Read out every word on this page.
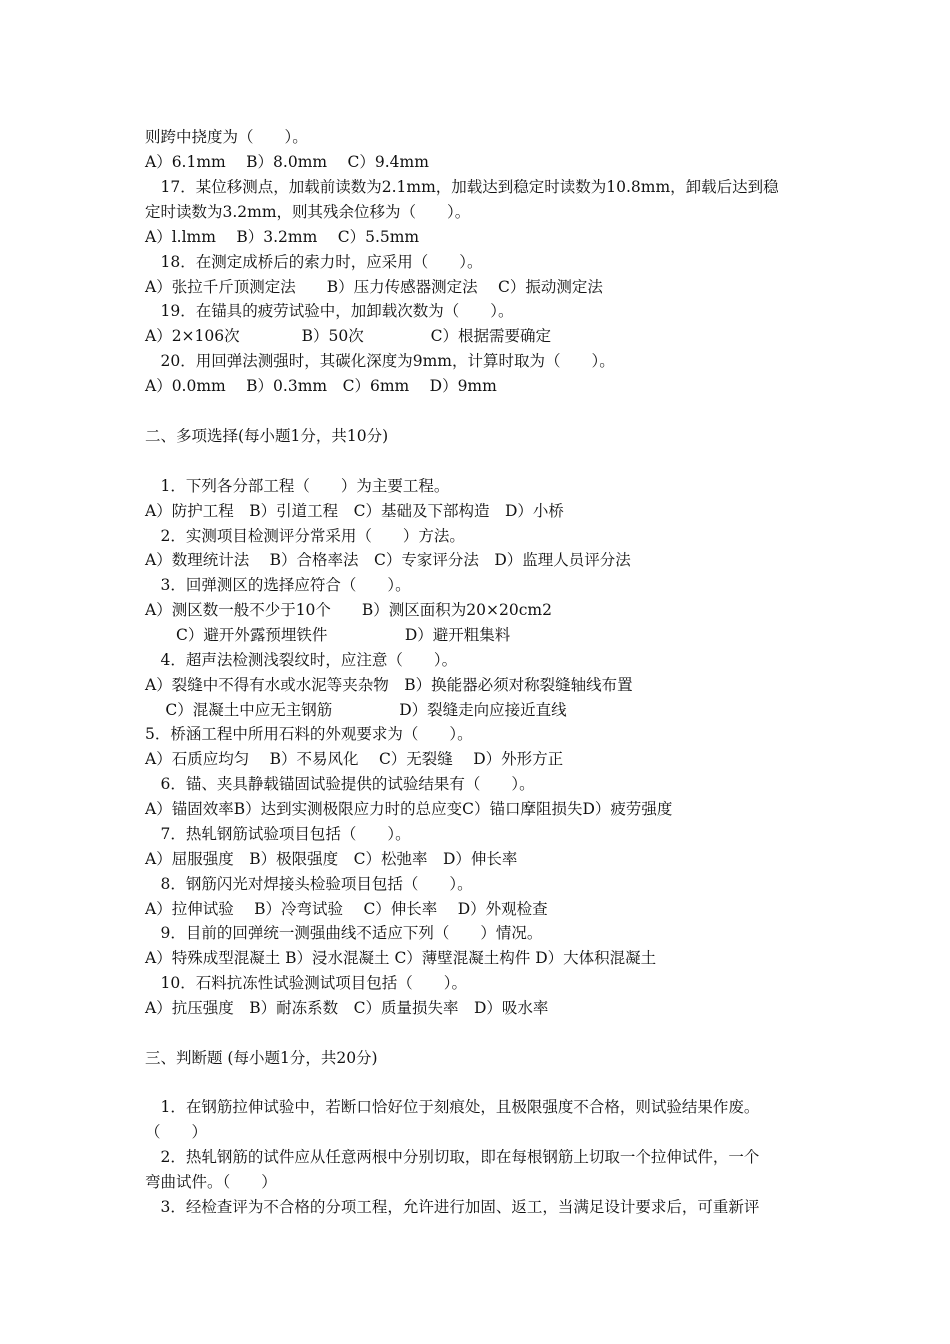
则跨中挠度为（　　）。
A）6.1mm　 B）8.0mm　 C）9.4mm
　17．某位移测点，加载前读数为2.1mm，加载达到稳定时读数为10.8mm，卸载后达到稳
定时读数为3.2mm，则其残余位移为（　　）。
A）l.lmm　 B）3.2mm　 C）5.5mm
　18．在测定成桥后的索力时，应采用（　　）。
A）张拉千斤顶测定法　　B）压力传感器测定法　 C）振动测定法
　19．在锚具的疲劳试验中，加卸载次数为（　　）。
A）2×106次　　　　B）50次　　　　 C）根据需要确定
　20．用回弹法测强时，其碳化深度为9mm，计算时取为（　　）。
A）0.0mm　 B）0.3mm　C）6mm　 D）9mm
二、多项选择(每小题1分，共10分)
　1．下列各分部工程（　　）为主要工程。
A）防护工程　B）引道工程　C）基础及下部构造　D）小桥
　2．实测项目检测评分常采用（　　）方法。
A）数理统计法　 B）合格率法　C）专家评分法　D）监理人员评分法
　3．回弹测区的选择应符合（　　）。
A）测区数一般不少于10个　　B）测区面积为20×20cm2
　　C）避开外露预埋铁件　　　　　D）避开粗集料
　4．超声法检测浅裂纹时，应注意（　　）。
A）裂缝中不得有水或水泥等夹杂物　B）换能器必须对称裂缝轴线布置
　 C）混凝土中应无主钢筋　　　　 D）裂缝走向应接近直线
5．桥涵工程中所用石料的外观要求为（　　）。
A）石质应均匀　 B）不易风化　 C）无裂缝　 D）外形方正
　6．锚、夹具静载锚固试验提供的试验结果有（　　）。
A）锚固效率B）达到实测极限应力时的总应变C）锚口摩阻损失D）疲劳强度
　7．热轧钢筋试验项目包括（　　）。
A）屈服强度　B）极限强度　C）松弛率　D）伸长率
　8．钢筋闪光对焊接头检验项目包括（　　）。
A）拉伸试验　 B）冷弯试验　 C）伸长率　 D）外观检查
　9．目前的回弹统一测强曲线不适应下列（　　）情况。
A）特殊成型混凝土 B）浸水混凝土 C）薄壁混凝土构件 D）大体积混凝土
　10．石料抗冻性试验测试项目包括（　　）。
A）抗压强度　B）耐冻系数　C）质量损失率　D）吸水率
三、判断题 (每小题1分，共20分)
　1．在钢筋拉伸试验中，若断口恰好位于刻痕处，且极限强度不合格，则试验结果作废。
（　　）
　2．热轧钢筋的试件应从任意两根中分别切取，即在每根钢筋上切取一个拉伸试件，一个
弯曲试件。（　　）
　3．经检查评为不合格的分项工程，允许进行加固、返工，当满足设计要求后，可重新评
